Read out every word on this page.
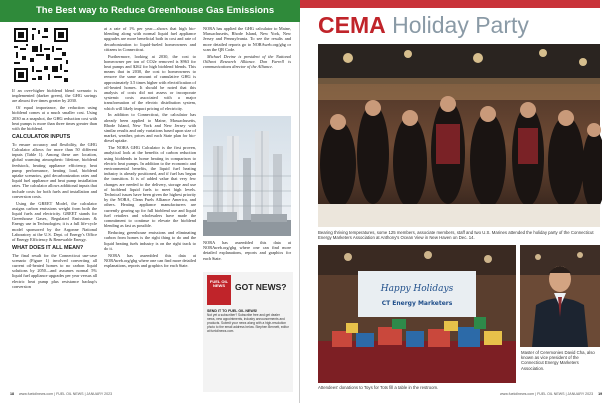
The Best way to Reduce Greenhouse Gas Emissions

If an over-higher bioblend blend scenario is implemented (darker green), the GHG savings are almost five times greater by 2030.

Of equal importance, the reduction using bioblend comes at a much smaller cost. Using 2030 as a snapshot, the GHG reduction cost with heat pumps is more than three times greater than with the bioblend.

CALCULATOR INPUTS

To ensure accuracy and flexibility, the GHG Calculator allows for more than 50 different inputs (Table 1). Among these are: location, global warming atmospheric lifetime, bioblend feedstock, heating appliance efficiency, heat pump performance, heating load, bioblend uptake scenarios, grid decarbonization rates and liquid fuel appliance and heat pump installation rates. The calculator allows additional inputs that include costs for both fuels and installation and conversion costs.

Using the GREET Model, the calculator assigns carbon emissions weight from both the liquid fuels and electricity. GREET stands for Greenhouse Gases, Regulated Emissions & Energy use in Technologies; it is a full life-cycle model sponsored by the Argonne National Laboratory at the U.S. Dept. of Energy's Office of Energy Efficiency & Renewable Energy.

WHAT DOES IT ALL MEAN?

The final result for the Connecticut use-case scenario (Figure 1) involved converting all current oil-heated homes to no carbon liquid solutions by 2050—and assumes normal 5% liquid fuel appliance upgrades per year versus all electric heat pump plus resistance backup's conversion

at a rate of 1% per year—shows that high bio-blending along with normal liquid fuel appliance upgrades are more beneficial both in cost and rate of decarbonization to liquid-fueled homeowners and citizens in Connecticut.

Furthermore, looking at 2030, the cost to homeowner per ton of CO2e removed is $963 for heat pumps and $262 for high bioblend blends. This means that in 2030, the cost to homeowners to remove the same amount of cumulative GHG is approximately 3.5 times higher with electrification of oil-heated homes. It should be noted that this analysis of costs did not assess or incorporate systemic costs associated with a major transformation of the electric distribution system, which will likely impact pricing of electricity.

In addition to Connecticut, the calculator has already been applied to Maine, Massachusetts, Rhode Island, New York and New Jersey with similar results and only variations based upon size of market, weather, prices and each State plan for bio-diesel uptake.

The NORA GHG Calculator is the first proven, analytical look at the benefits of carbon reduction using bioblends in home heating in comparison to electric heat pumps. In addition to the economic and environmental benefits, the liquid fuel heating industry is already positioned, and if fuel has begun the transition. It is of added value that very few changes are needed to the delivery, storage and use of bioblend liquid fuels to meet high levels. Technical issues have been given the highest priority by the NORA, Clean Fuels Alliance America, and others. Heating appliance manufacturers are currently gearing up for full bioblend use and liquid fuel retailers and wholesalers have made the commitment to continue to elevate the bioblend blending as fast as possible.

Reducing greenhouse emissions and eliminating carbon from homes is the right thing to do and the liquid heating fuels industry is on the right track to do it.

NORA has assembled this data at NORAweb.org/ghg where one can find more detailed explanations, reports and graphics for each State.

NORA has applied the GHG calculator to Maine, Massachusetts, Rhode Island, New York, New Jersey and Pennsylvania. To see the results and more detailed reports go to NORAweb.org/ghg or scan the QR Code.

Michael Devine is president of the National Oilheat Research Alliance. Don Farrell is communications director of the Alliance.

NORA has assembled this data at NORAweb.org/ghg where one can find more detailed explanations, reports and graphics for each State.

FUEL OIL NEWS	GOT NEWS?
SEND IT TO FUEL OIL NEWS!
Not yet a subscriber? Subscribe free and get dealer news, new appointments, industry announcements and products. Submit your news along with a high-resolution photo to the email address below. Stephen Bennett, editor at fueloilnews.com.
18 www.fueloilnews.com | FUEL OIL NEWS | JANUARY 2023
CEMA Holiday Party
Bearing thriving temperatures, some 125 members, associate members, staff and two U.S. Marines attended the holiday party of the Connecticut Energy Marketers Association at Anthony's Ocean View in New Haven on Dec. 14.
Happy Holidays
CT Energy Marketers
Master of Ceremonies David Cha, also known as vice president of the Connecticut Energy Marketers Association.
Attendees' donations to Toys for Tots fill a table in the restroom.
www.fueloilnews.com | FUEL OIL NEWS | JANUARY 2023 19
